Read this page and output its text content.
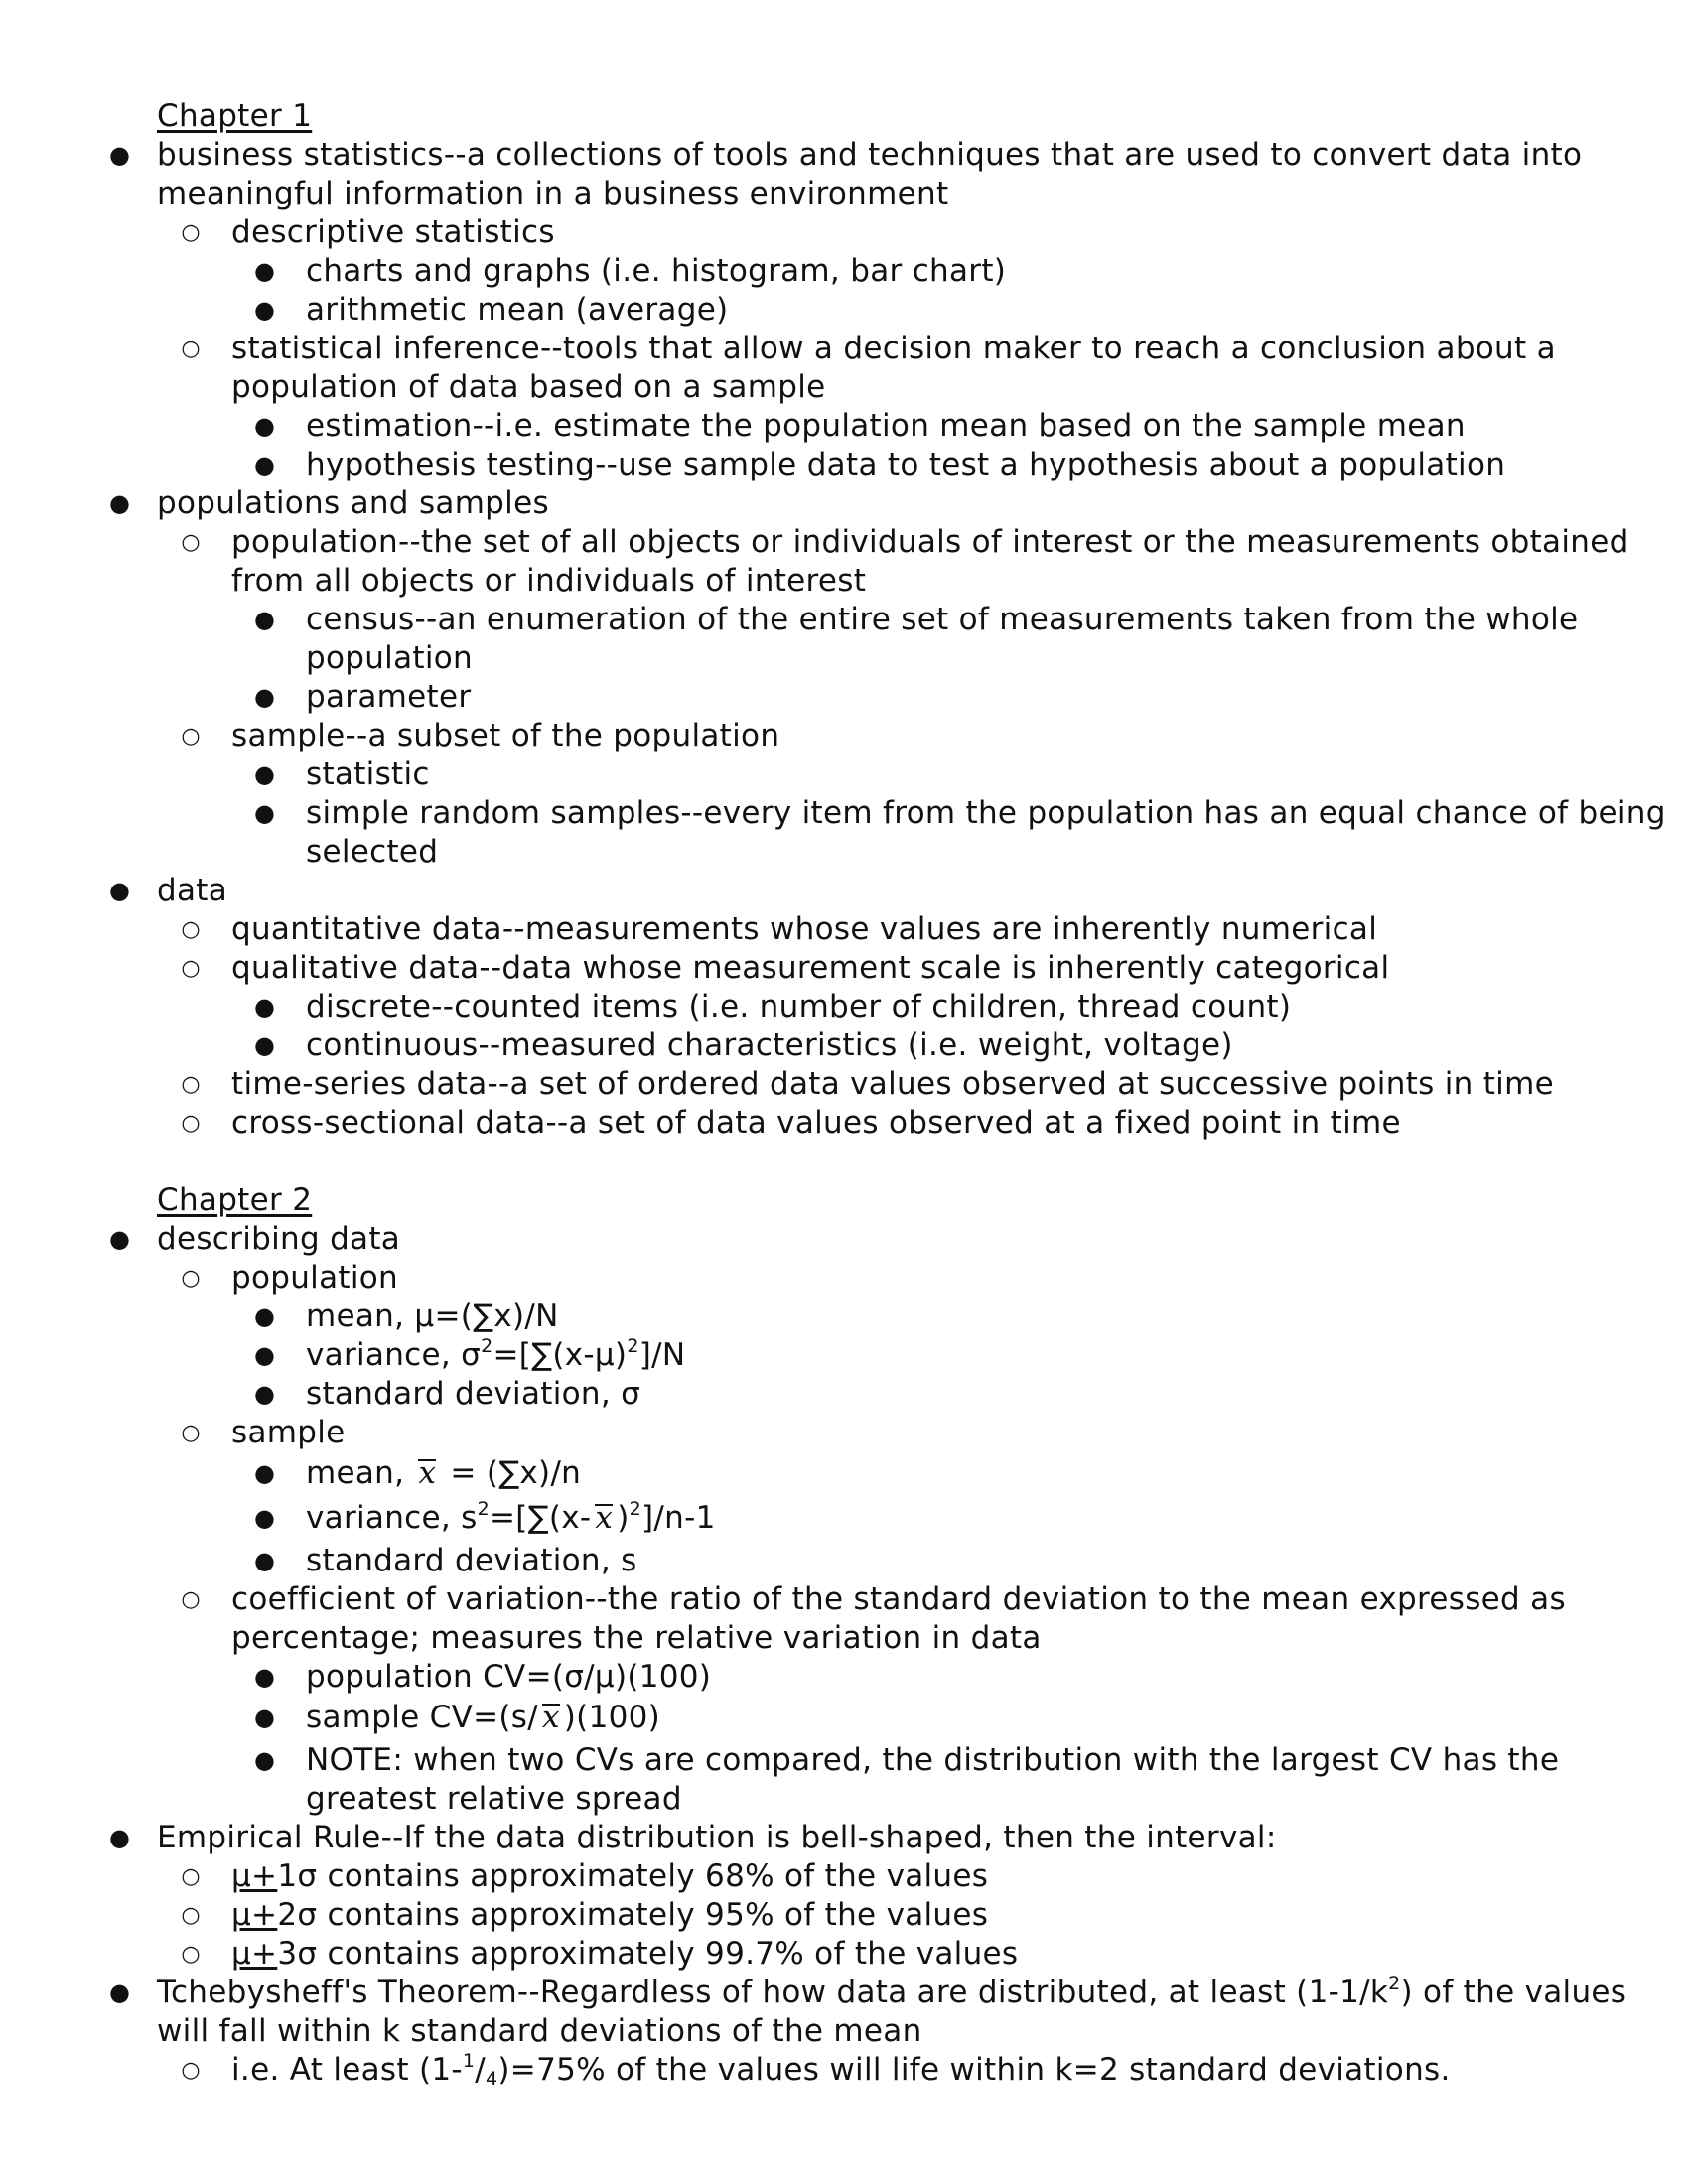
Chapter 1
● business statistics--a collections of tools and techniques that are used to convert data into
meaningful information in a business environment
○ descriptive statistics
● charts and graphs (i.e. histogram, bar chart)
● arithmetic mean (average)
○ statistical inference--tools that allow a decision maker to reach a conclusion about a
population of data based on a sample
● estimation--i.e. estimate the population mean based on the sample mean
● hypothesis testing--use sample data to test a hypothesis about a population
● populations and samples
○ population--the set of all objects or individuals of interest or the measurements obtained
from all objects or individuals of interest
● census--an enumeration of the entire set of measurements taken from the whole
population
● parameter
○ sample--a subset of the population
● statistic
● simple random samples--every item from the population has an equal chance of being
selected
● data
○ quantitative data--measurements whose values are inherently numerical
○ qualitative data--data whose measurement scale is inherently categorical
● discrete--counted items (i.e. number of children, thread count)
● continuous--measured characteristics (i.e. weight, voltage)
○ time-series data--a set of ordered data values observed at successive points in time
○ cross-sectional data--a set of data values observed at a fixed point in time
Chapter 2
● describing data
○ population
● mean, μ=(∑x)/N
● variance, $\sigma^2=[\sum(x-\mu)^2]/N$
● standard deviation, σ
○ sample
● mean, x = (∑x)/n
● variance, $s^2=[\sum(x-$ x )$^2$]/n-1
● standard deviation, s
○ coefficient of variation--the ratio of the standard deviation to the mean expressed as
percentage; measures the relative variation in data
● population CV=(σ/μ)(100)
● sample CV=(s/ x )(100)
● NOTE: when two CVs are compared, the distribution with the largest CV has the
greatest relative spread
● Empirical Rule--If the data distribution is bell-shaped, then the interval:
○ μ+1σ contains approximately 68% of the values
○ μ+2σ contains approximately 95% of the values
○ μ+3σ contains approximately 99.7% of the values
● Tchebysheff's Theorem--Regardless of how data are distributed, at least $(1-1/k^2)$ of the values
will fall within k standard deviations of the mean
○ i.e. At least $(1-^1/_4)=75\%$ of the values will life within k=2 standard deviations.
